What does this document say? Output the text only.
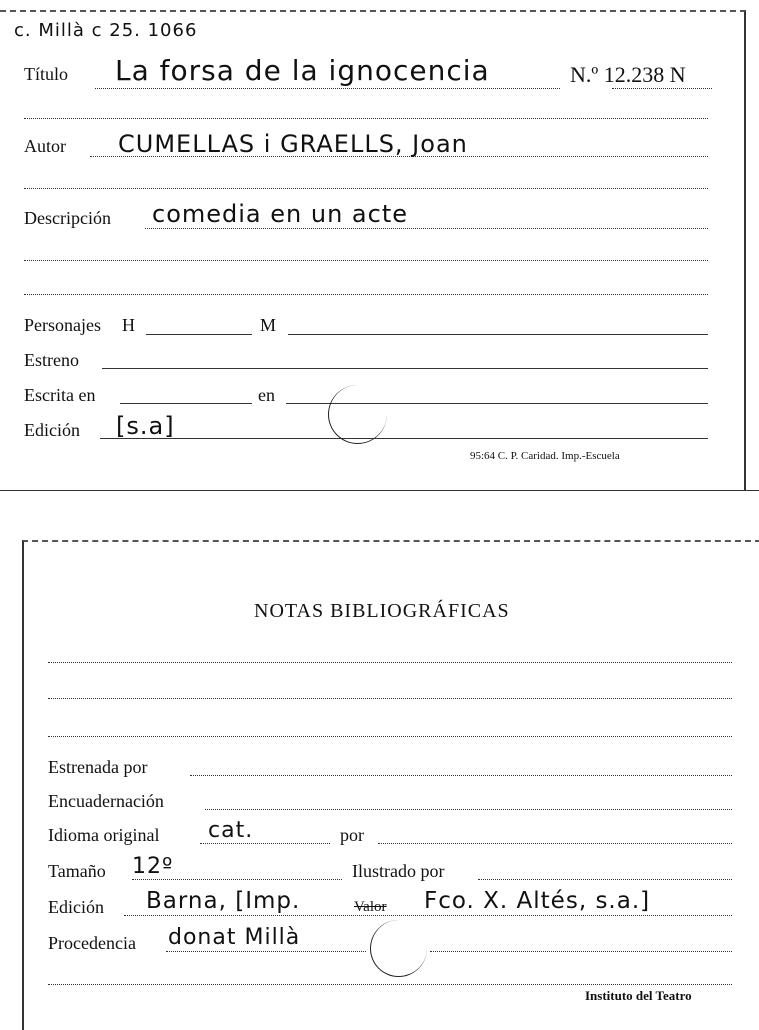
c. Millà c 25. 1066
Título La forsa de la ignocencia	N.º 12.238 N
Autor CUMELLAS i GRAELLS, Joan
Descripción comedia en un acte
Personajes H	M
Estreno
Escrita en	en
Edición [s.a]
95:64 C. P. Caridad. Imp.-Escuela
NOTAS BIBLIOGRÁFICAS
Estrenada por
Encuadernación
Idioma original cat.	por
Tamaño 12º	Ilustrado por
Edición Barna, [Imp.	Valor Fco. X. Altés, s.a.]
Procedencia donat Millà
Instituto del Teatro
